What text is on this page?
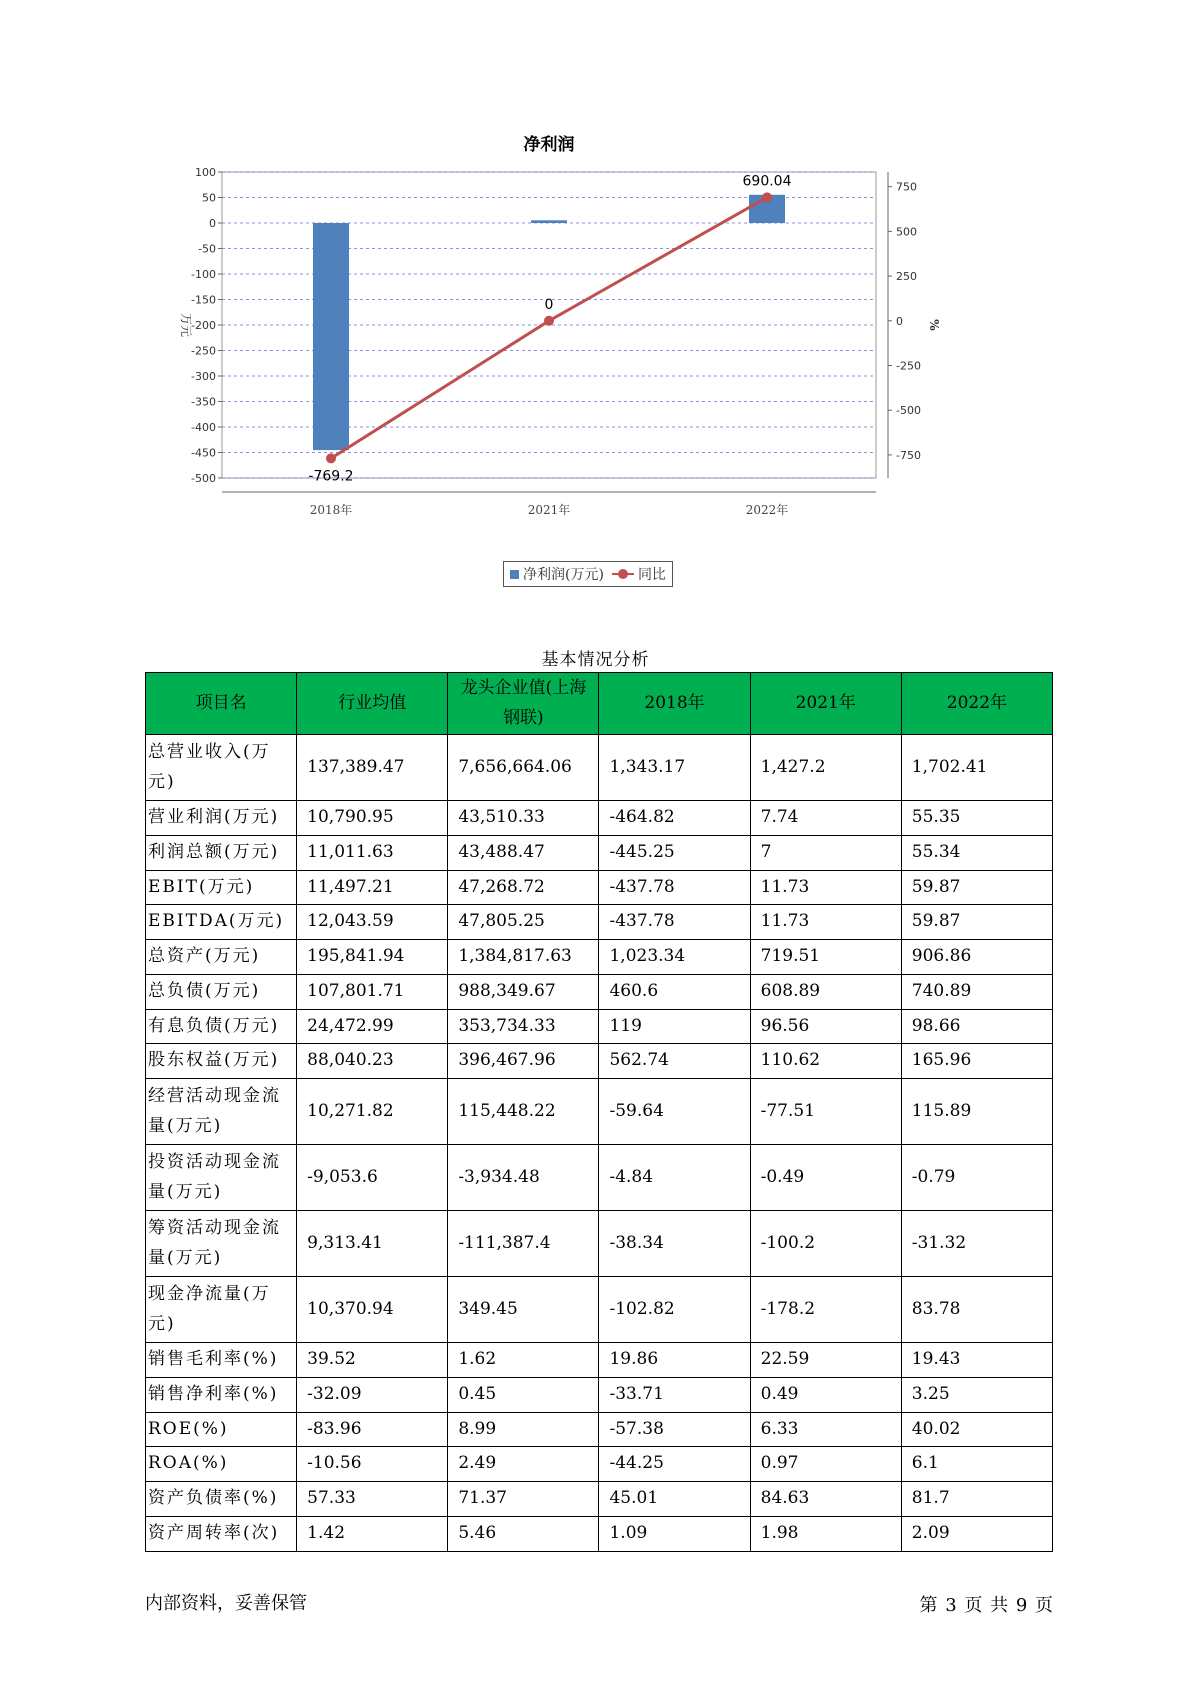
净利润
100
50
0
-50
-100
-150
-200
-250
-300
-350
-400
-450
-500
750
500
250
0
-250
-500
-750
万元	%
2018年	2021年	2022年
-769.2
0
690.04
净利润(万元) 同比
基本情况分析
项目名	行业均值	龙头企业值(上海钢联)	2018年	2021年	2022年
总营业收入(万元)	137,389.47	7,656,664.06	1,343.17	1,427.2	1,702.41
营业利润(万元)	10,790.95	43,510.33	-464.82	7.74	55.35
利润总额(万元)	11,011.63	43,488.47	-445.25	7	55.34
EBIT(万元)	11,497.21	47,268.72	-437.78	11.73	59.87
EBITDA(万元)	12,043.59	47,805.25	-437.78	11.73	59.87
总资产(万元)	195,841.94	1,384,817.63	1,023.34	719.51	906.86
总负债(万元)	107,801.71	988,349.67	460.6	608.89	740.89
有息负债(万元)	24,472.99	353,734.33	119	96.56	98.66
股东权益(万元)	88,040.23	396,467.96	562.74	110.62	165.96
经营活动现金流量(万元)	10,271.82	115,448.22	-59.64	-77.51	115.89
投资活动现金流量(万元)	-9,053.6	-3,934.48	-4.84	-0.49	-0.79
筹资活动现金流量(万元)	9,313.41	-111,387.4	-38.34	-100.2	-31.32
现金净流量(万元)	10,370.94	349.45	-102.82	-178.2	83.78
销售毛利率(%)	39.52	1.62	19.86	22.59	19.43
销售净利率(%)	-32.09	0.45	-33.71	0.49	3.25
ROE(%)	-83.96	8.99	-57.38	6.33	40.02
ROA(%)	-10.56	2.49	-44.25	0.97	6.1
资产负债率(%)	57.33	71.37	45.01	84.63	81.7
资产周转率(次)	1.42	5.46	1.09	1.98	2.09
内部资料，妥善保管	第 3 页 共 9 页
